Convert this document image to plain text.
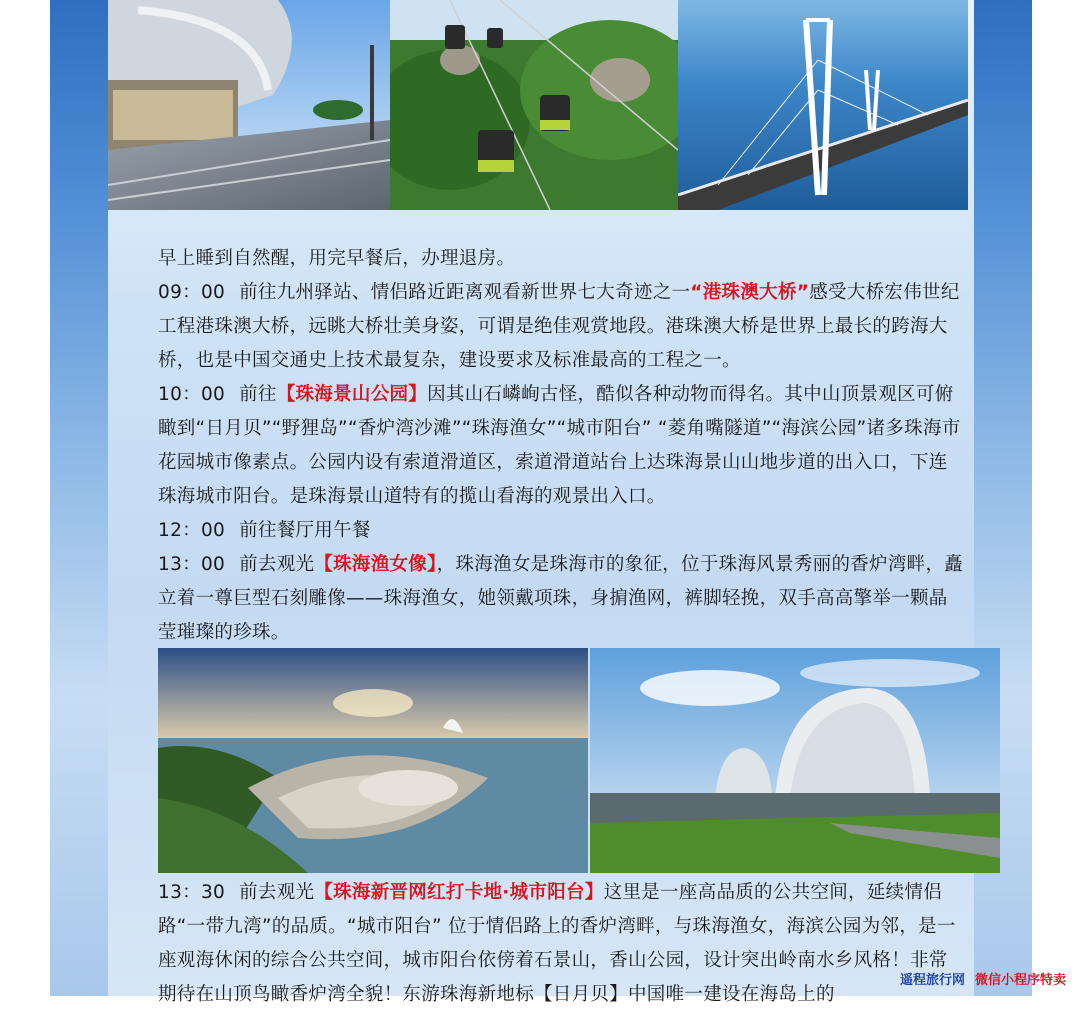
早上睡到自然醒，用完早餐后，办理退房。

09：00 前往九州驿站、情侣路近距离观看新世界七大奇迹之一“港珠澳大桥”感受大桥宏伟世纪工程港珠澳大桥，远眺大桥壮美身姿，可谓是绝佳观赏地段。港珠澳大桥是世界上最长的跨海大桥，也是中国交通史上技术最复杂，建设要求及标准最高的工程之一。

10：00 前往【珠海景山公园】因其山石嶙峋古怪，酷似各种动物而得名。其中山顶景观区可俯瞰到“日月贝”“野狸岛”“香炉湾沙滩”“珠海渔女”“城市阳台” “菱角嘴隧道”“海滨公园”诸多珠海市花园城市像素点。公园内设有索道滑道区，索道滑道站台上达珠海景山山地步道的出入口，下连珠海城市阳台。是珠海景山道特有的揽山看海的观景出入口。

12：00 前往餐厅用午餐

13：00 前去观光【珠海渔女像】，珠海渔女是珠海市的象征，位于珠海风景秀丽的香炉湾畔，矗立着一尊巨型石刻雕像——珠海渔女，她领戴项珠，身掮渔网，裤脚轻挽，双手高高擎举一颗晶莹璀璨的珍珠。

13：30 前去观光【珠海新晋网红打卡地·城市阳台】这里是一座高品质的公共空间，延续情侣路“一带九湾”的品质。“城市阳台” 位于情侣路上的香炉湾畔，与珠海渔女，海滨公园为邻，是一座观海休闲的综合公共空间，城市阳台依傍着石景山，香山公园，设计突出岭南水乡风格！非常期待在山顶鸟瞰香炉湾全貌！东游珠海新地标【日月贝】中国唯一建设在海岛上的

遥程旅行网 微信小程序特卖
